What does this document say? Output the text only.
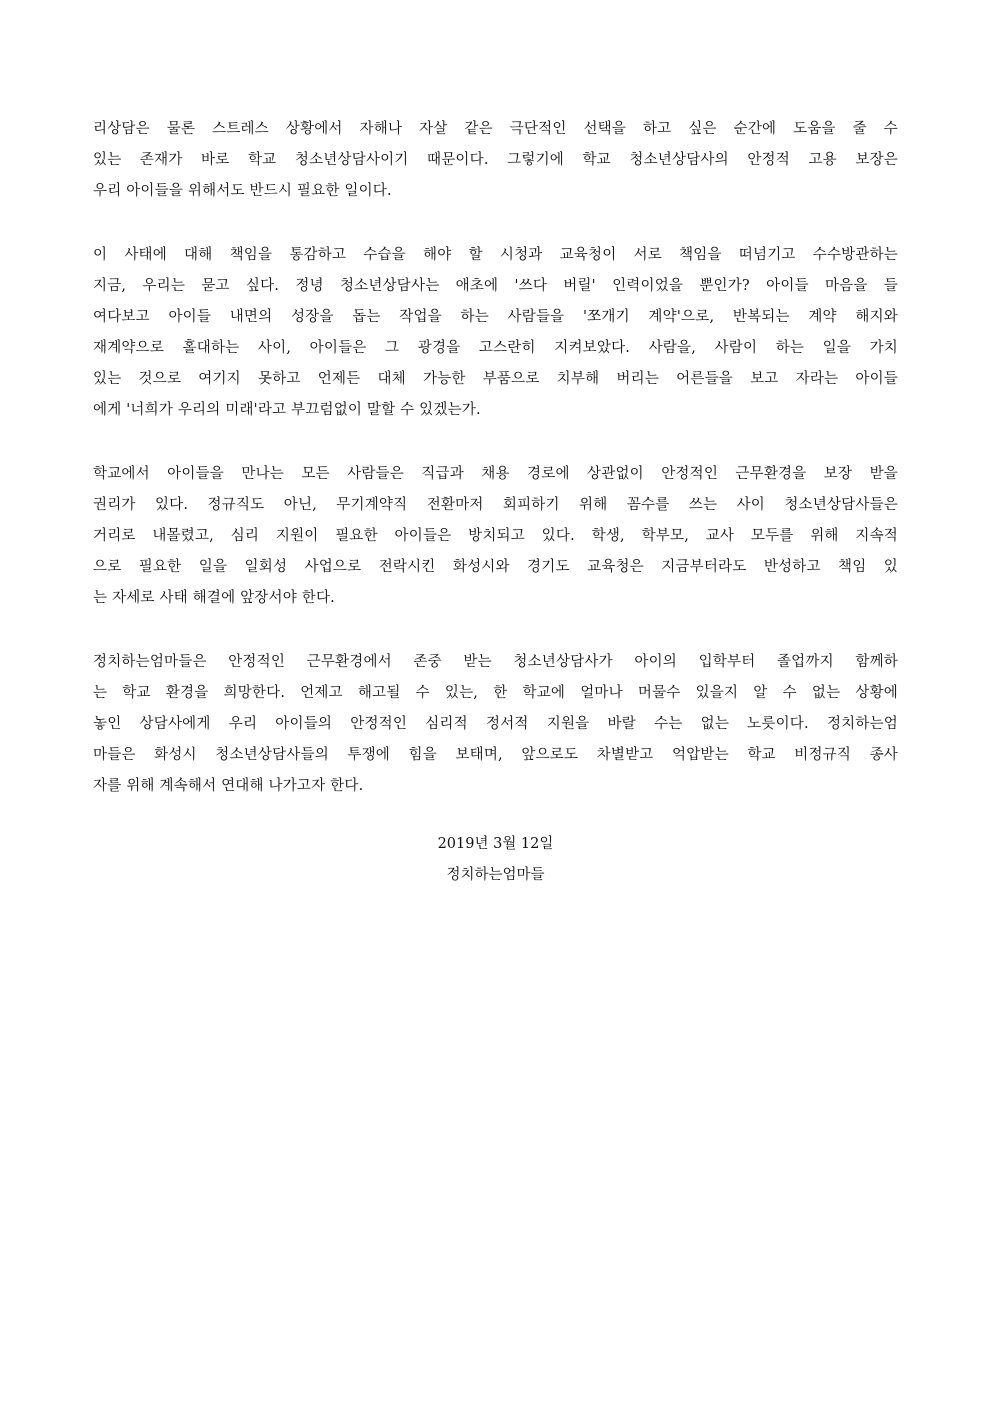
리상담은 물론 스트레스 상황에서 자해나 자살 같은 극단적인 선택을 하고 싶은 순간에 도움을 줄 수
있는 존재가 바로 학교 청소년상담사이기 때문이다. 그렇기에 학교 청소년상담사의 안정적 고용 보장은
우리 아이들을 위해서도 반드시 필요한 일이다.
이 사태에 대해 책임을 통감하고 수습을 해야 할 시청과 교육청이 서로 책임을 떠넘기고 수수방관하는
지금, 우리는 묻고 싶다. 정녕 청소년상담사는 애초에 '쓰다 버릴' 인력이었을 뿐인가? 아이들 마음을 들
여다보고 아이들 내면의 성장을 돕는 작업을 하는 사람들을 '쪼개기 계약'으로, 반복되는 계약 해지와
재계약으로 홀대하는 사이, 아이들은 그 광경을 고스란히 지켜보았다. 사람을, 사람이 하는 일을 가치
있는 것으로 여기지 못하고 언제든 대체 가능한 부품으로 치부해 버리는 어른들을 보고 자라는 아이들
에게 '너희가 우리의 미래'라고 부끄럼없이 말할 수 있겠는가.
학교에서 아이들을 만나는 모든 사람들은 직급과 채용 경로에 상관없이 안정적인 근무환경을 보장 받을
권리가 있다. 정규직도 아닌, 무기계약직 전환마저 회피하기 위해 꼼수를 쓰는 사이 청소년상담사들은
거리로 내몰렸고, 심리 지원이 필요한 아이들은 방치되고 있다. 학생, 학부모, 교사 모두를 위해 지속적
으로 필요한 일을 일회성 사업으로 전락시킨 화성시와 경기도 교육청은 지금부터라도 반성하고 책임 있
는 자세로 사태 해결에 앞장서야 한다.
정치하는엄마들은 안정적인 근무환경에서 존중 받는 청소년상담사가 아이의 입학부터 졸업까지 함께하
는 학교 환경을 희망한다. 언제고 해고될 수 있는, 한 학교에 얼마나 머물수 있을지 알 수 없는 상황에
놓인 상담사에게 우리 아이들의 안정적인 심리적 정서적 지원을 바랄 수는 없는 노릇이다. 정치하는엄
마들은 화성시 청소년상담사들의 투쟁에 힘을 보태며, 앞으로도 차별받고 억압받는 학교 비정규직 종사
자를 위해 계속해서 연대해 나가고자 한다.
2019년 3월 12일
정치하는엄마들
